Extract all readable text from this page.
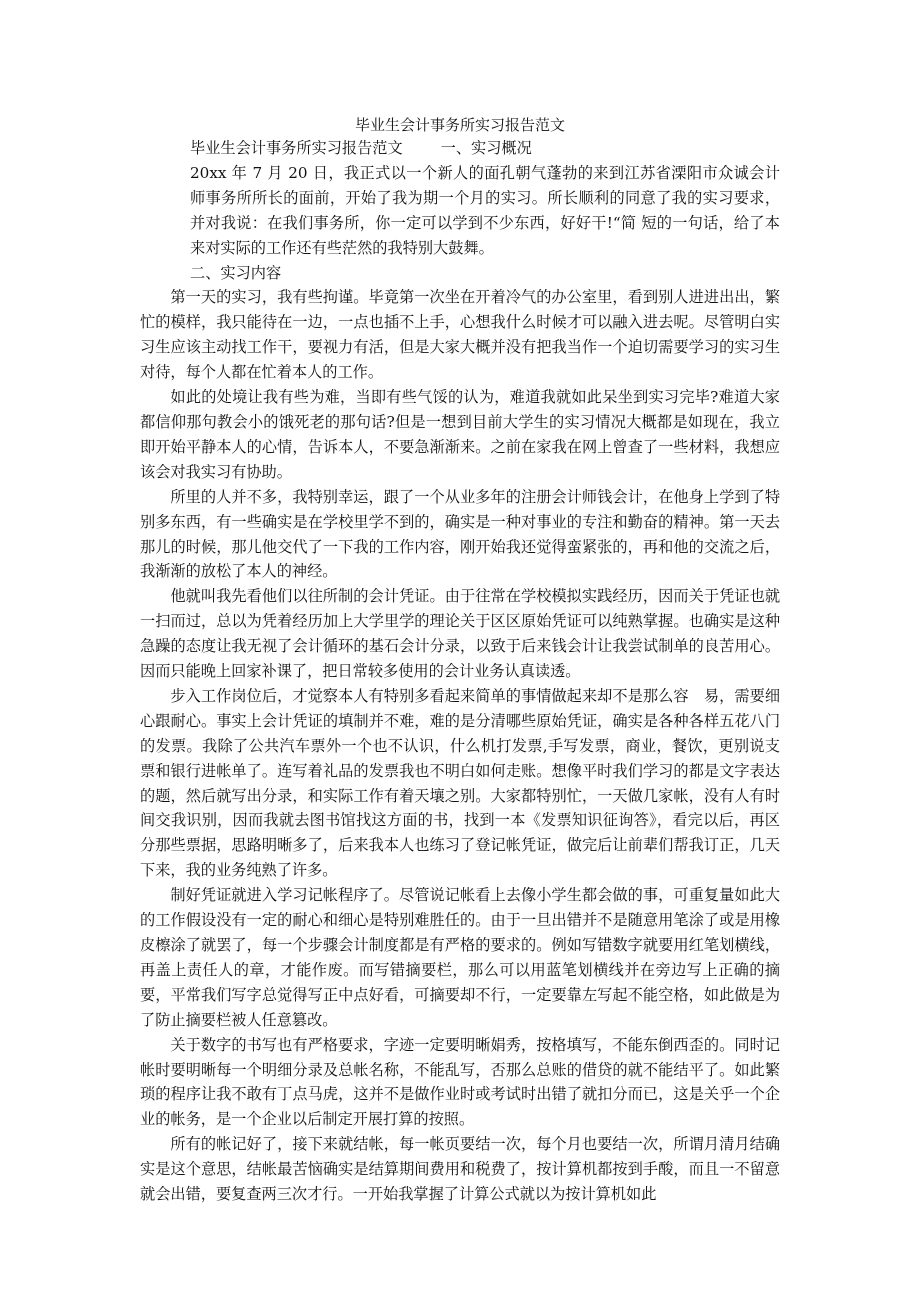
毕业生会计事务所实习报告范文

毕业生会计事务所实习报告范文	一、实习概况

20xx 年 7 月 20 日，我正式以一个新人的面孔朝气蓬勃的来到江苏省溧阳市众诚会计师事务所所长的面前，开始了我为期一个月的实习。所长顺利的同意了我的实习要求，并对我说：在我们事务所，你一定可以学到不少东西，好好干!“简 短的一句话，给了本来对实际的工作还有些茫然的我特别大鼓舞。

二、实习内容

第一天的实习，我有些拘谨。毕竟第一次坐在开着冷气的办公室里，看到别人进进出出，繁忙的模样，我只能待在一边，一点也插不上手，心想我什么时候才可以融入进去呢。尽管明白实习生应该主动找工作干，要视力有活，但是大家大概并没有把我当作一个迫切需要学习的实习生对待，每个人都在忙着本人的工作。

如此的处境让我有些为难，当即有些气馁的认为，难道我就如此呆坐到实习完毕?难道大家都信仰那句教会小的饿死老的那句话?但是一想到目前大学生的实习情况大概都是如现在，我立即开始平静本人的心情，告诉本人，不要急渐渐来。之前在家我在网上曾查了一些材料，我想应该会对我实习有协助。

所里的人并不多，我特别幸运，跟了一个从业多年的注册会计师钱会计，在他身上学到了特别多东西，有一些确实是在学校里学不到的，确实是一种对事业的专注和勤奋的精神。第一天去那儿的时候，那儿他交代了一下我的工作内容，刚开始我还觉得蛮紧张的，再和他的交流之后，我渐渐的放松了本人的神经。

他就叫我先看他们以往所制的会计凭证。由于往常在学校模拟实践经历，因而关于凭证也就一扫而过，总以为凭着经历加上大学里学的理论关于区区原始凭证可以纯熟掌握。也确实是这种急躁的态度让我无视了会计循环的基石会计分录，以致于后来钱会计让我尝试制单的良苦用心。因而只能晚上回家补课了，把日常较多使用的会计业务认真读透。

步入工作岗位后，才觉察本人有特别多看起来简单的事情做起来却不是那么容　易，需要细心跟耐心。事实上会计凭证的填制并不难，难的是分清哪些原始凭证，确实是各种各样五花八门的发票。我除了公共汽车票外一个也不认识，什么机打发票,手写发票，商业，餐饮，更别说支票和银行进帐单了。连写着礼品的发票我也不明白如何走账。想像平时我们学习的都是文字表达的题，然后就写出分录，和实际工作有着天壤之别。大家都特别忙，一天做几家帐，没有人有时间交我识别，因而我就去图书馆找这方面的书，找到一本《发票知识征询答》，看完以后，再区分那些票据，思路明晰多了，后来我本人也练习了登记帐凭证，做完后让前辈们帮我订正，几天下来，我的业务纯熟了许多。

制好凭证就进入学习记帐程序了。尽管说记帐看上去像小学生都会做的事，可重复量如此大的工作假设没有一定的耐心和细心是特别难胜任的。由于一旦出错并不是随意用笔涂了或是用橡皮檫涂了就罢了，每一个步骤会计制度都是有严格的要求的。例如写错数字就要用红笔划横线，再盖上责任人的章，才能作废。而写错摘要栏，那么可以用蓝笔划横线并在旁边写上正确的摘要，平常我们写字总觉得写正中点好看，可摘要却不行，一定要靠左写起不能空格，如此做是为了防止摘要栏被人任意篡改。

关于数字的书写也有严格要求，字迹一定要明晰娟秀，按格填写，不能东倒西歪的。同时记帐时要明晰每一个明细分录及总帐名称，不能乱写，否那么总账的借贷的就不能结平了。如此繁琐的程序让我不敢有丁点马虎，这并不是做作业时或考试时出错了就扣分而已，这是关乎一个企业的帐务，是一个企业以后制定开展打算的按照。

所有的帐记好了，接下来就结帐，每一帐页要结一次，每个月也要结一次，所谓月清月结确实是这个意思，结帐最苦恼确实是结算期间费用和税费了，按计算机都按到手酸，而且一不留意就会出错，要复查两三次才行。一开始我掌握了计算公式就以为按计算机如此
